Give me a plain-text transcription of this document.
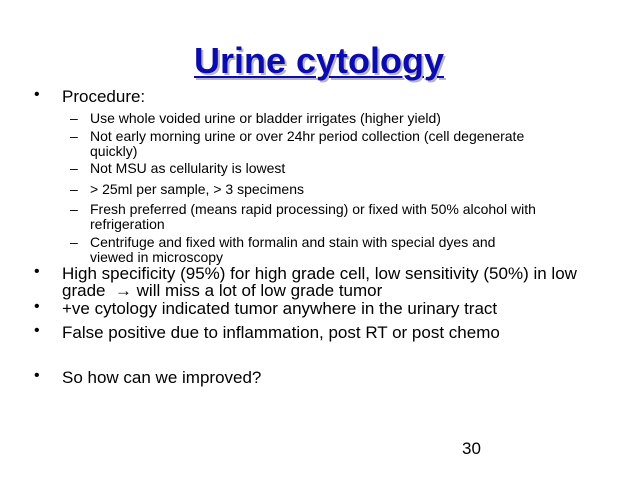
Urine cytology
• Procedure:
– Use whole voided urine or bladder irrigates (higher yield)
– Not early morning urine or over 24hr period collection (cell degenerate
quickly)
– Not MSU as cellularity is lowest
– > 25ml per sample, > 3 specimens
– Fresh preferred (means rapid processing) or fixed with 50% alcohol with
refrigeration
– Centrifuge and fixed with formalin and stain with special dyes and
viewed in microscopy
• High specificity (95%) for high grade cell, low sensitivity (50%) in low
grade  → will miss a lot of low grade tumor
• +ve cytology indicated tumor anywhere in the urinary tract
• False positive due to inflammation, post RT or post chemo
• So how can we improved?
30
